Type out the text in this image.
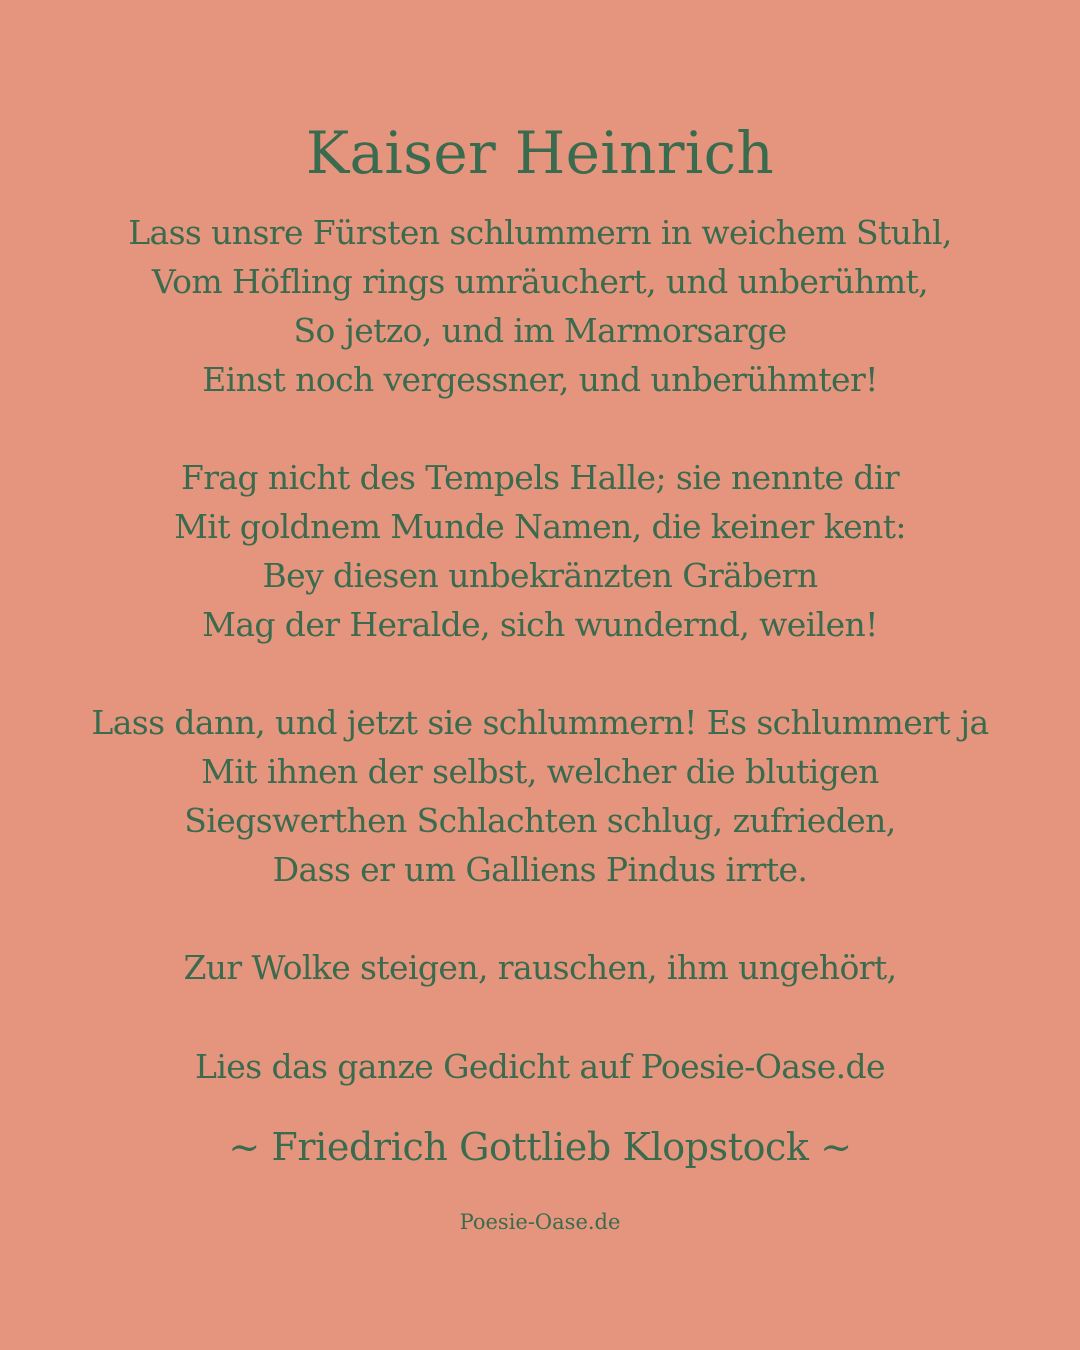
Kaiser Heinrich
Lass unsre Fürsten schlummern in weichem Stuhl,
Vom Höfling rings umräuchert, und unberühmt,
So jetzo, und im Marmorsarge
Einst noch vergessner, und unberühmter!
Frag nicht des Tempels Halle; sie nennte dir
Mit goldnem Munde Namen, die keiner kent:
Bey diesen unbekränzten Gräbern
Mag der Heralde, sich wundernd, weilen!
Lass dann, und jetzt sie schlummern! Es schlummert ja
Mit ihnen der selbst, welcher die blutigen
Siegswerthen Schlachten schlug, zufrieden,
Dass er um Galliens Pindus irrte.
Zur Wolke steigen, rauschen, ihm ungehört,
Lies das ganze Gedicht auf Poesie-Oase.de
~ Friedrich Gottlieb Klopstock ~
Poesie-Oase.de
